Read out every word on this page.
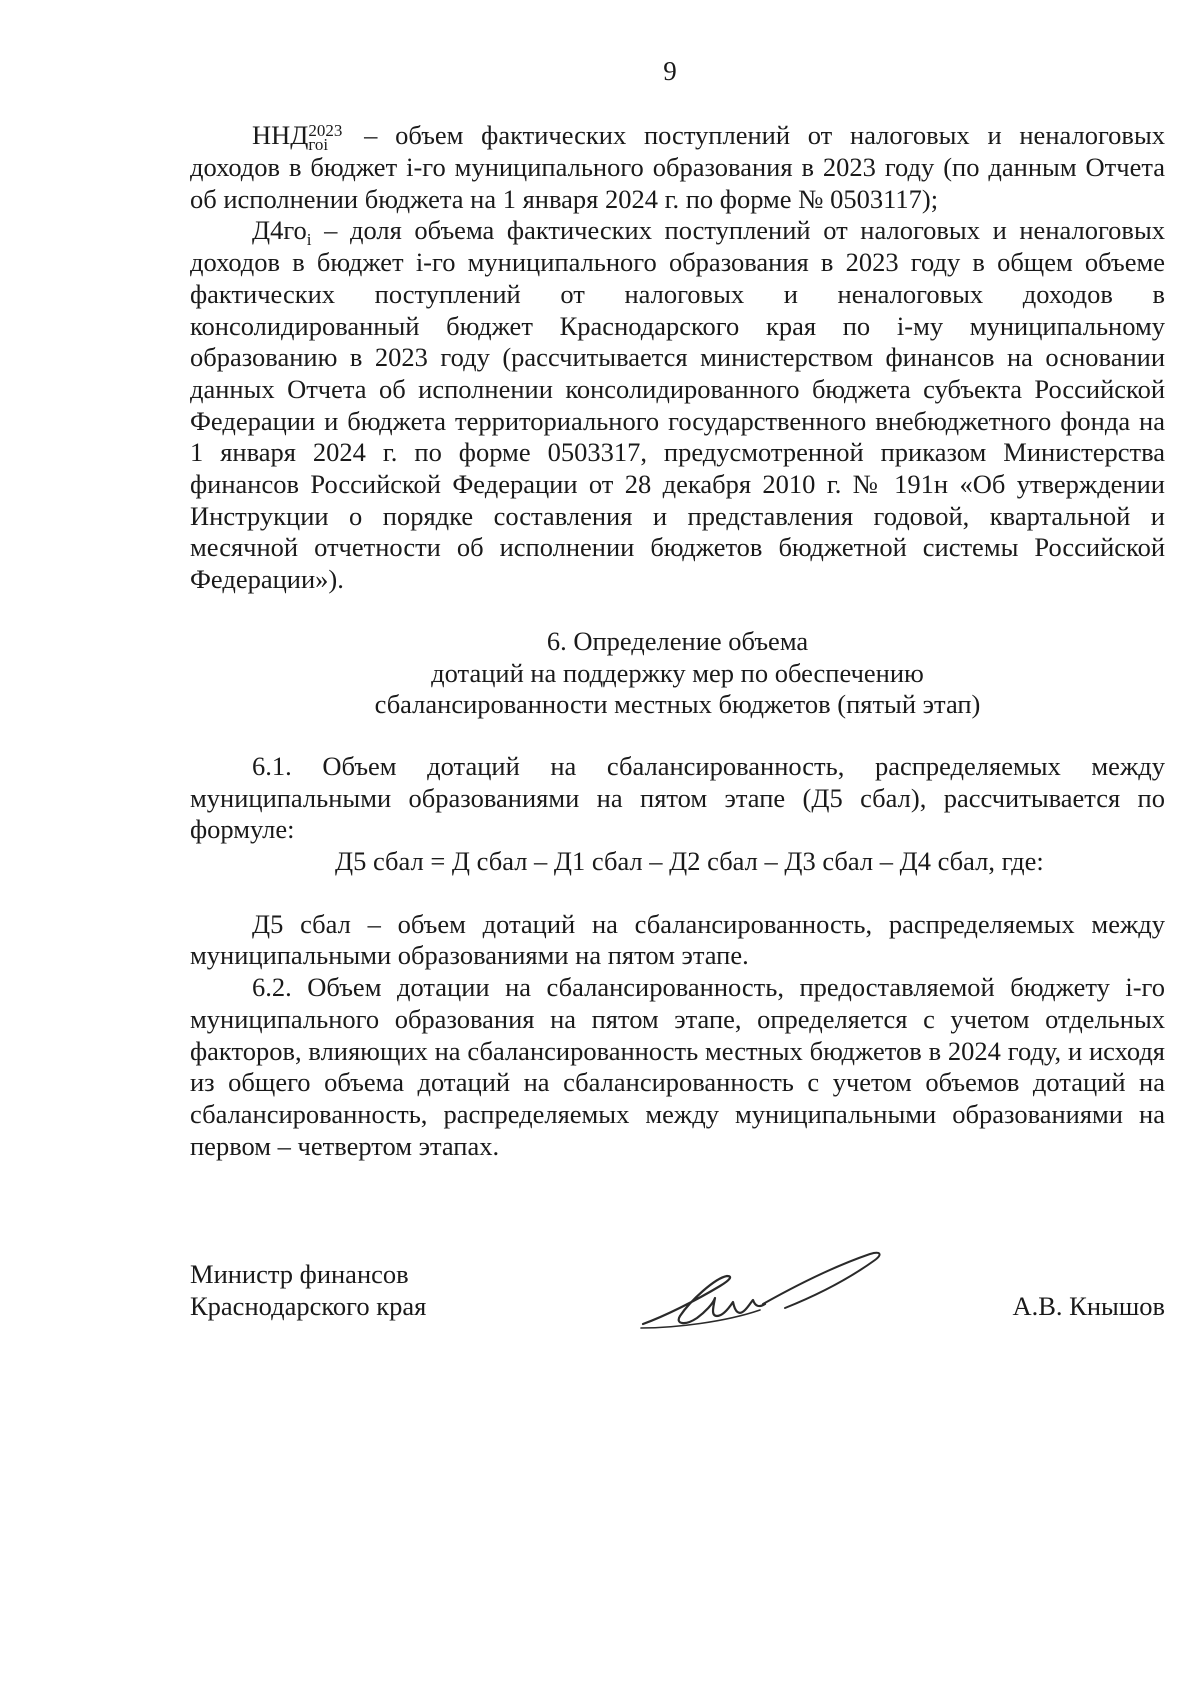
9

ННД 2023
гоi – объем фактических поступлений от налоговых и неналоговых доходов в бюджет i-го муниципального образования в 2023 году (по данным Отчета об исполнении бюджета на 1 января 2024 г. по форме № 0503117);

$Д4го_i$ – доля объема фактических поступлений от налоговых и неналоговых доходов в бюджет i-го муниципального образования в 2023 году в общем объеме фактических поступлений от налоговых и неналоговых доходов в консолидированный бюджет Краснодарского края по i-му муниципальному образованию в 2023 году (рассчитывается министерством финансов на основании данных Отчета об исполнении консолидированного бюджета субъекта Российской Федерации и бюджета территориального государственного внебюджетного фонда на 1 января 2024 г. по форме 0503317, предусмотренной приказом Министерства финансов Российской Федерации от 28 декабря 2010 г. № 191н «Об утверждении Инструкции о порядке составления и представления годовой, квартальной и месячной отчетности об исполнении бюджетов бюджетной системы Российской Федерации»).

6. Определение объема
дотаций на поддержку мер по обеспечению
сбалансированности местных бюджетов (пятый этап)

6.1. Объем дотаций на сбалансированность, распределяемых между муниципальными образованиями на пятом этапе (Д5 сбал), рассчитывается по формуле:

Д5 сбал = Д сбал – Д1 сбал – Д2 сбал – Д3 сбал – Д4 сбал, где:

Д5 сбал – объем дотаций на сбалансированность, распределяемых между муниципальными образованиями на пятом этапе.

6.2. Объем дотации на сбалансированность, предоставляемой бюджету i-го муниципального образования на пятом этапе, определяется с учетом отдельных факторов, влияющих на сбалансированность местных бюджетов в 2024 году, и исходя из общего объема дотаций на сбалансированность с учетом объемов дотаций на сбалансированность, распределяемых между муниципальными образованиями на первом – четвертом этапах.

Министр финансов
Краснодарского края	А.В. Кнышов
